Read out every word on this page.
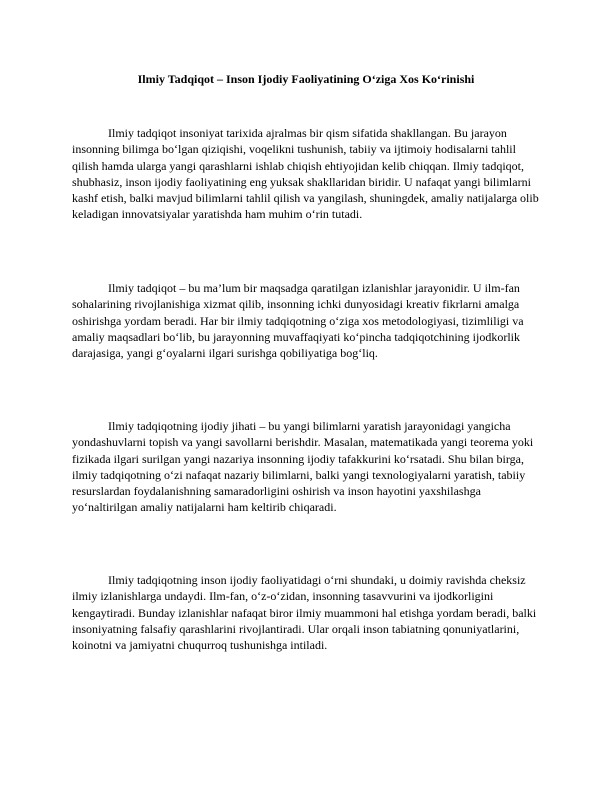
Ilmiy Tadqiqot – Inson Ijodiy Faoliyatining O‘ziga Xos Ko‘rinishi

Ilmiy tadqiqot insoniyat tarixida ajralmas bir qism sifatida shakllangan. Bu jarayon insonning bilimga bo‘lgan qiziqishi, voqelikni tushunish, tabiiy va ijtimoiy hodisalarni tahlil qilish hamda ularga yangi qarashlarni ishlab chiqish ehtiyojidan kelib chiqqan. Ilmiy tadqiqot, shubhasiz, inson ijodiy faoliyatining eng yuksak shakllaridan biridir. U nafaqat yangi bilimlarni kashf etish, balki mavjud bilimlarni tahlil qilish va yangilash, shuningdek, amaliy natijalarga olib keladigan innovatsiyalar yaratishda ham muhim o‘rin tutadi.

Ilmiy tadqiqot – bu ma’lum bir maqsadga qaratilgan izlanishlar jarayonidir. U ilm-fan sohalarining rivojlanishiga xizmat qilib, insonning ichki dunyosidagi kreativ fikrlarni amalga oshirishga yordam beradi. Har bir ilmiy tadqiqotning o‘ziga xos metodologiyasi, tizimliligi va amaliy maqsadlari bo‘lib, bu jarayonning muvaffaqiyati ko‘pincha tadqiqotchining ijodkorlik darajasiga, yangi g‘oyalarni ilgari surishga qobiliyatiga bog‘liq.

Ilmiy tadqiqotning ijodiy jihati – bu yangi bilimlarni yaratish jarayonidagi yangicha yondashuvlarni topish va yangi savollarni berishdir. Masalan, matematikada yangi teorema yoki fizikada ilgari surilgan yangi nazariya insonning ijodiy tafakkurini ko‘rsatadi. Shu bilan birga, ilmiy tadqiqotning o‘zi nafaqat nazariy bilimlarni, balki yangi texnologiyalarni yaratish, tabiiy resurslardan foydalanishning samaradorligini oshirish va inson hayotini yaxshilashga yo‘naltirilgan amaliy natijalarni ham keltirib chiqaradi.

Ilmiy tadqiqotning inson ijodiy faoliyatidagi o‘rni shundaki, u doimiy ravishda cheksiz ilmiy izlanishlarga undaydi. Ilm-fan, o‘z-o‘zidan, insonning tasavvurini va ijodkorligini kengaytiradi. Bunday izlanishlar nafaqat biror ilmiy muammoni hal etishga yordam beradi, balki insoniyatning falsafiy qarashlarini rivojlantiradi. Ular orqali inson tabiatning qonuniyatlarini, koinotni va jamiyatni chuqurroq tushunishga intiladi.
